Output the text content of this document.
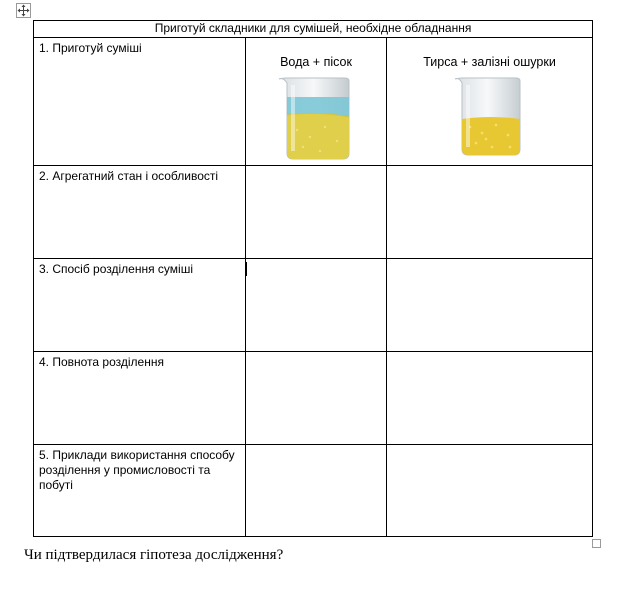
Приготуй складники для сумішей, необхідне обладнання		
1. Приготуй суміші	Вода + пісок	Тирса + залізні ошурки

2. Агрегатний стан і особливості		
3. Спосіб розділення суміші		
4. Повнота розділення		
5. Приклади використання способу розділення у промисловості та побуті		
Чи підтвердилася гіпотеза дослідження?
